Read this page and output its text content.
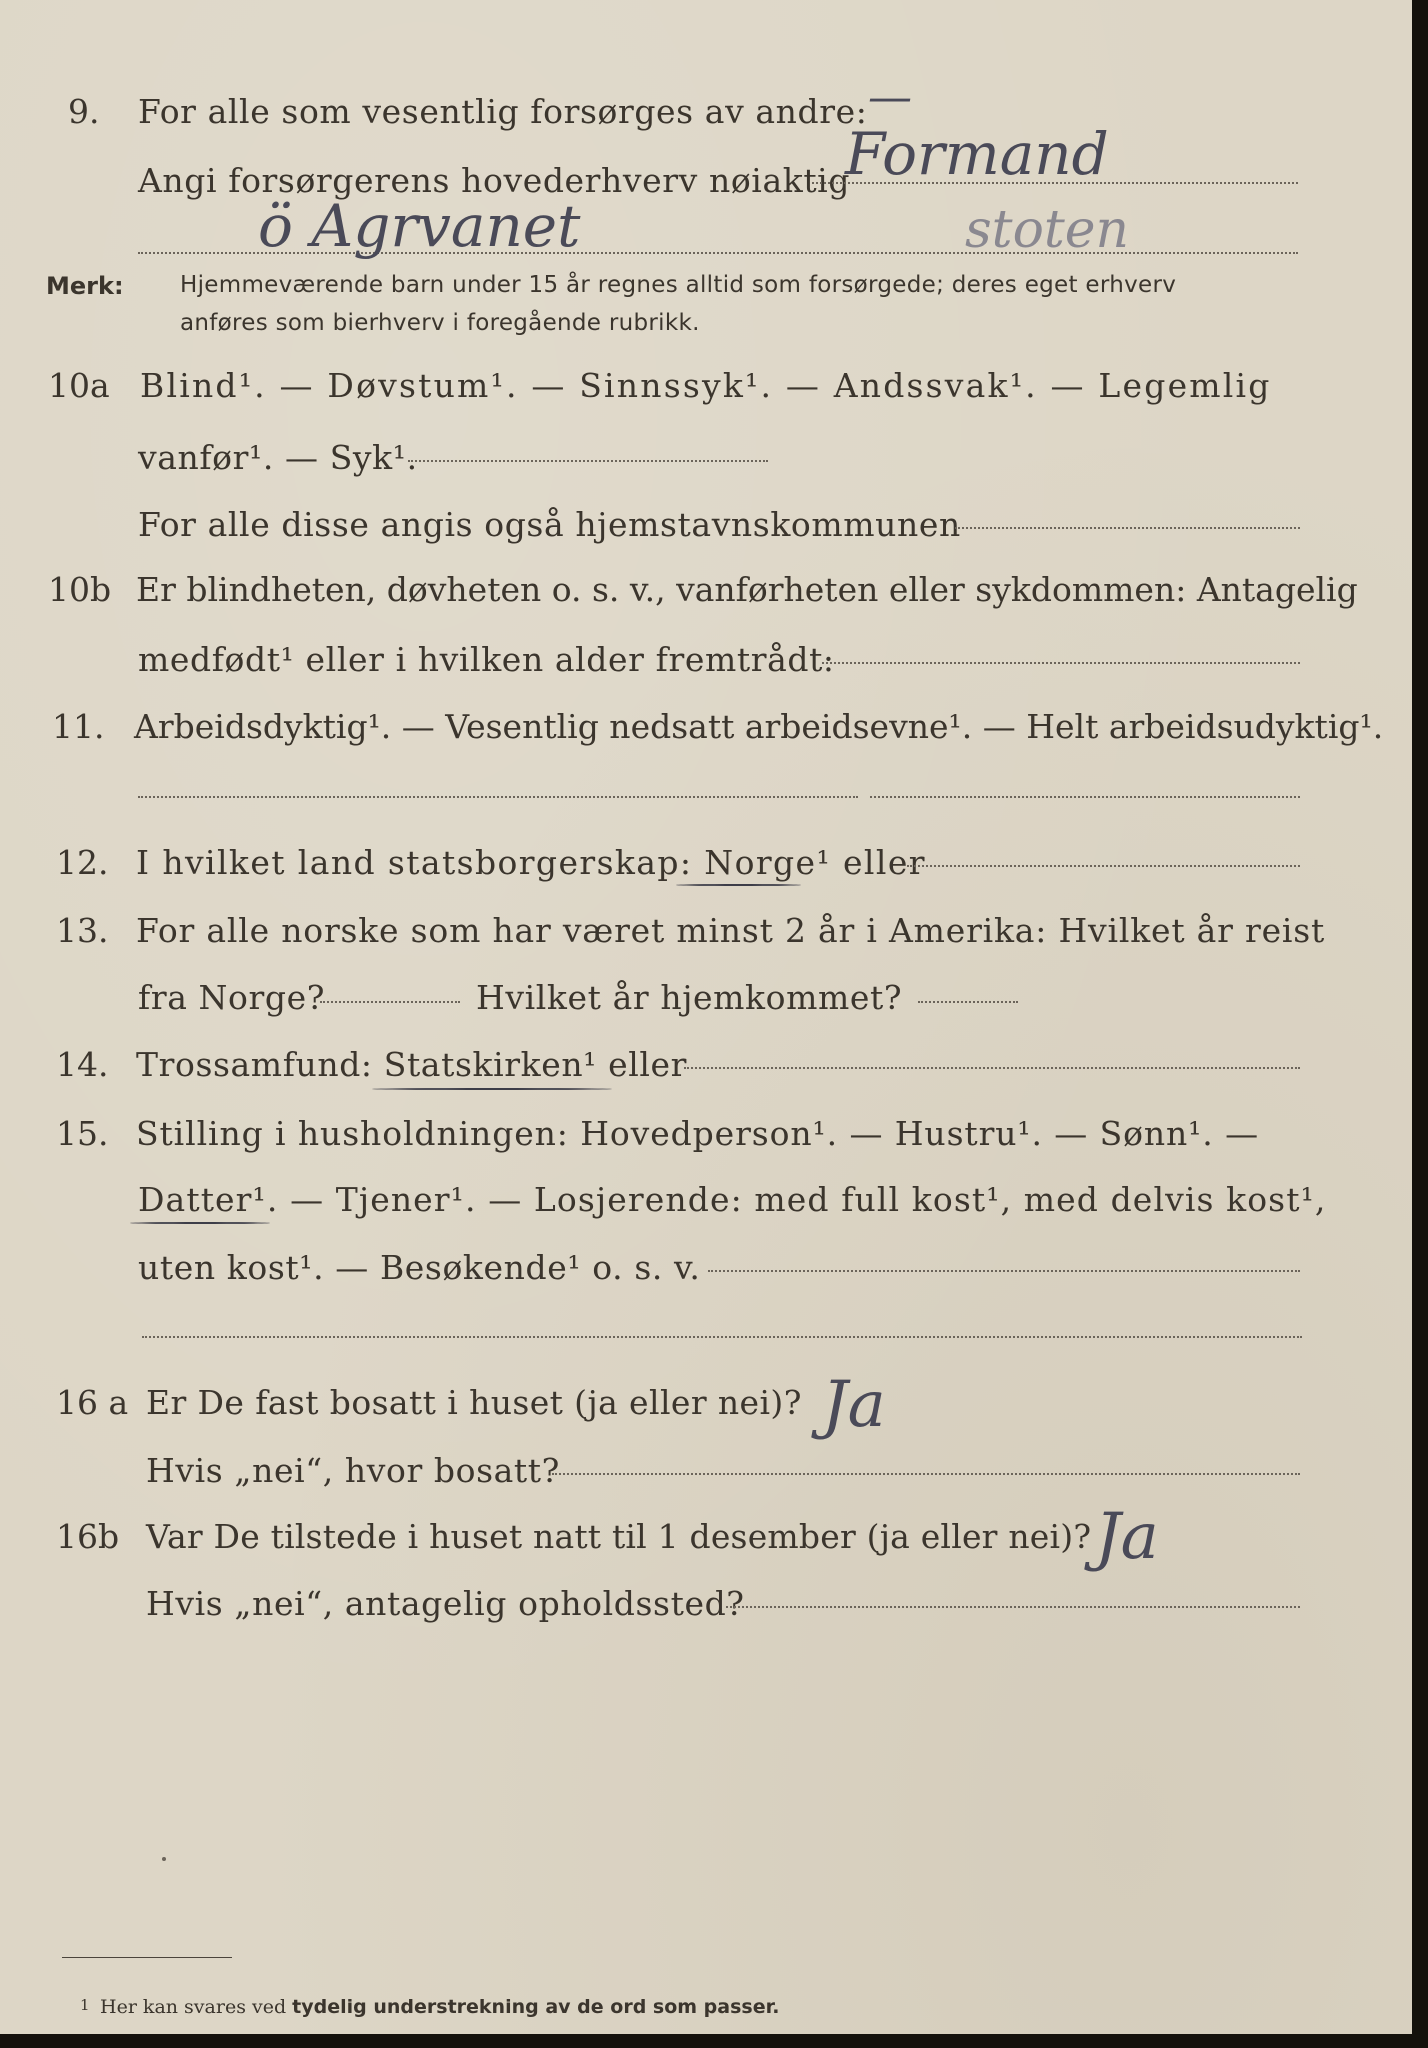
9. For alle som vesentlig forsørges av andre: —
Angi forsørgerens hovederhverv nøiaktig
Formand
ö Agrvanet	stoten
Merk: Hjemmeværende barn under 15 år regnes alltid som forsørgede; deres eget erhverv
anføres som bierhverv i foregående rubrikk.
10a Blind¹. — Døvstum¹. — Sinnssyk¹. — Andssvak¹. — Legemlig
vanfør¹. — Syk¹.
For alle disse angis også hjemstavnskommunen
10b Er blindheten, døvheten o. s. v., vanførheten eller sykdommen: Antagelig
medfødt¹ eller i hvilken alder fremtrådt:
11. Arbeidsdyktig¹. — Vesentlig nedsatt arbeidsevne¹. — Helt arbeidsudyktig¹.
12. I hvilket land statsborgerskap: Norge¹ eller
13. For alle norske som har været minst 2 år i Amerika: Hvilket år reist
fra Norge?	Hvilket år hjemkommet?
14. Trossamfund: Statskirken¹ eller
15. Stilling i husholdningen: Hovedperson¹. — Hustru¹. — Sønn¹. —
Datter¹. — Tjener¹. — Losjerende: med full kost¹, med delvis kost¹,
uten kost¹. — Besøkende¹ o. s. v.
16 a Er De fast bosatt i huset (ja eller nei)? Ja
Hvis „nei“, hvor bosatt?
16b Var De tilstede i huset natt til 1 desember (ja eller nei)? Ja
Hvis „nei“, antagelig opholdssted?
1 Her kan svares ved tydelig understrekning av de ord som passer.
